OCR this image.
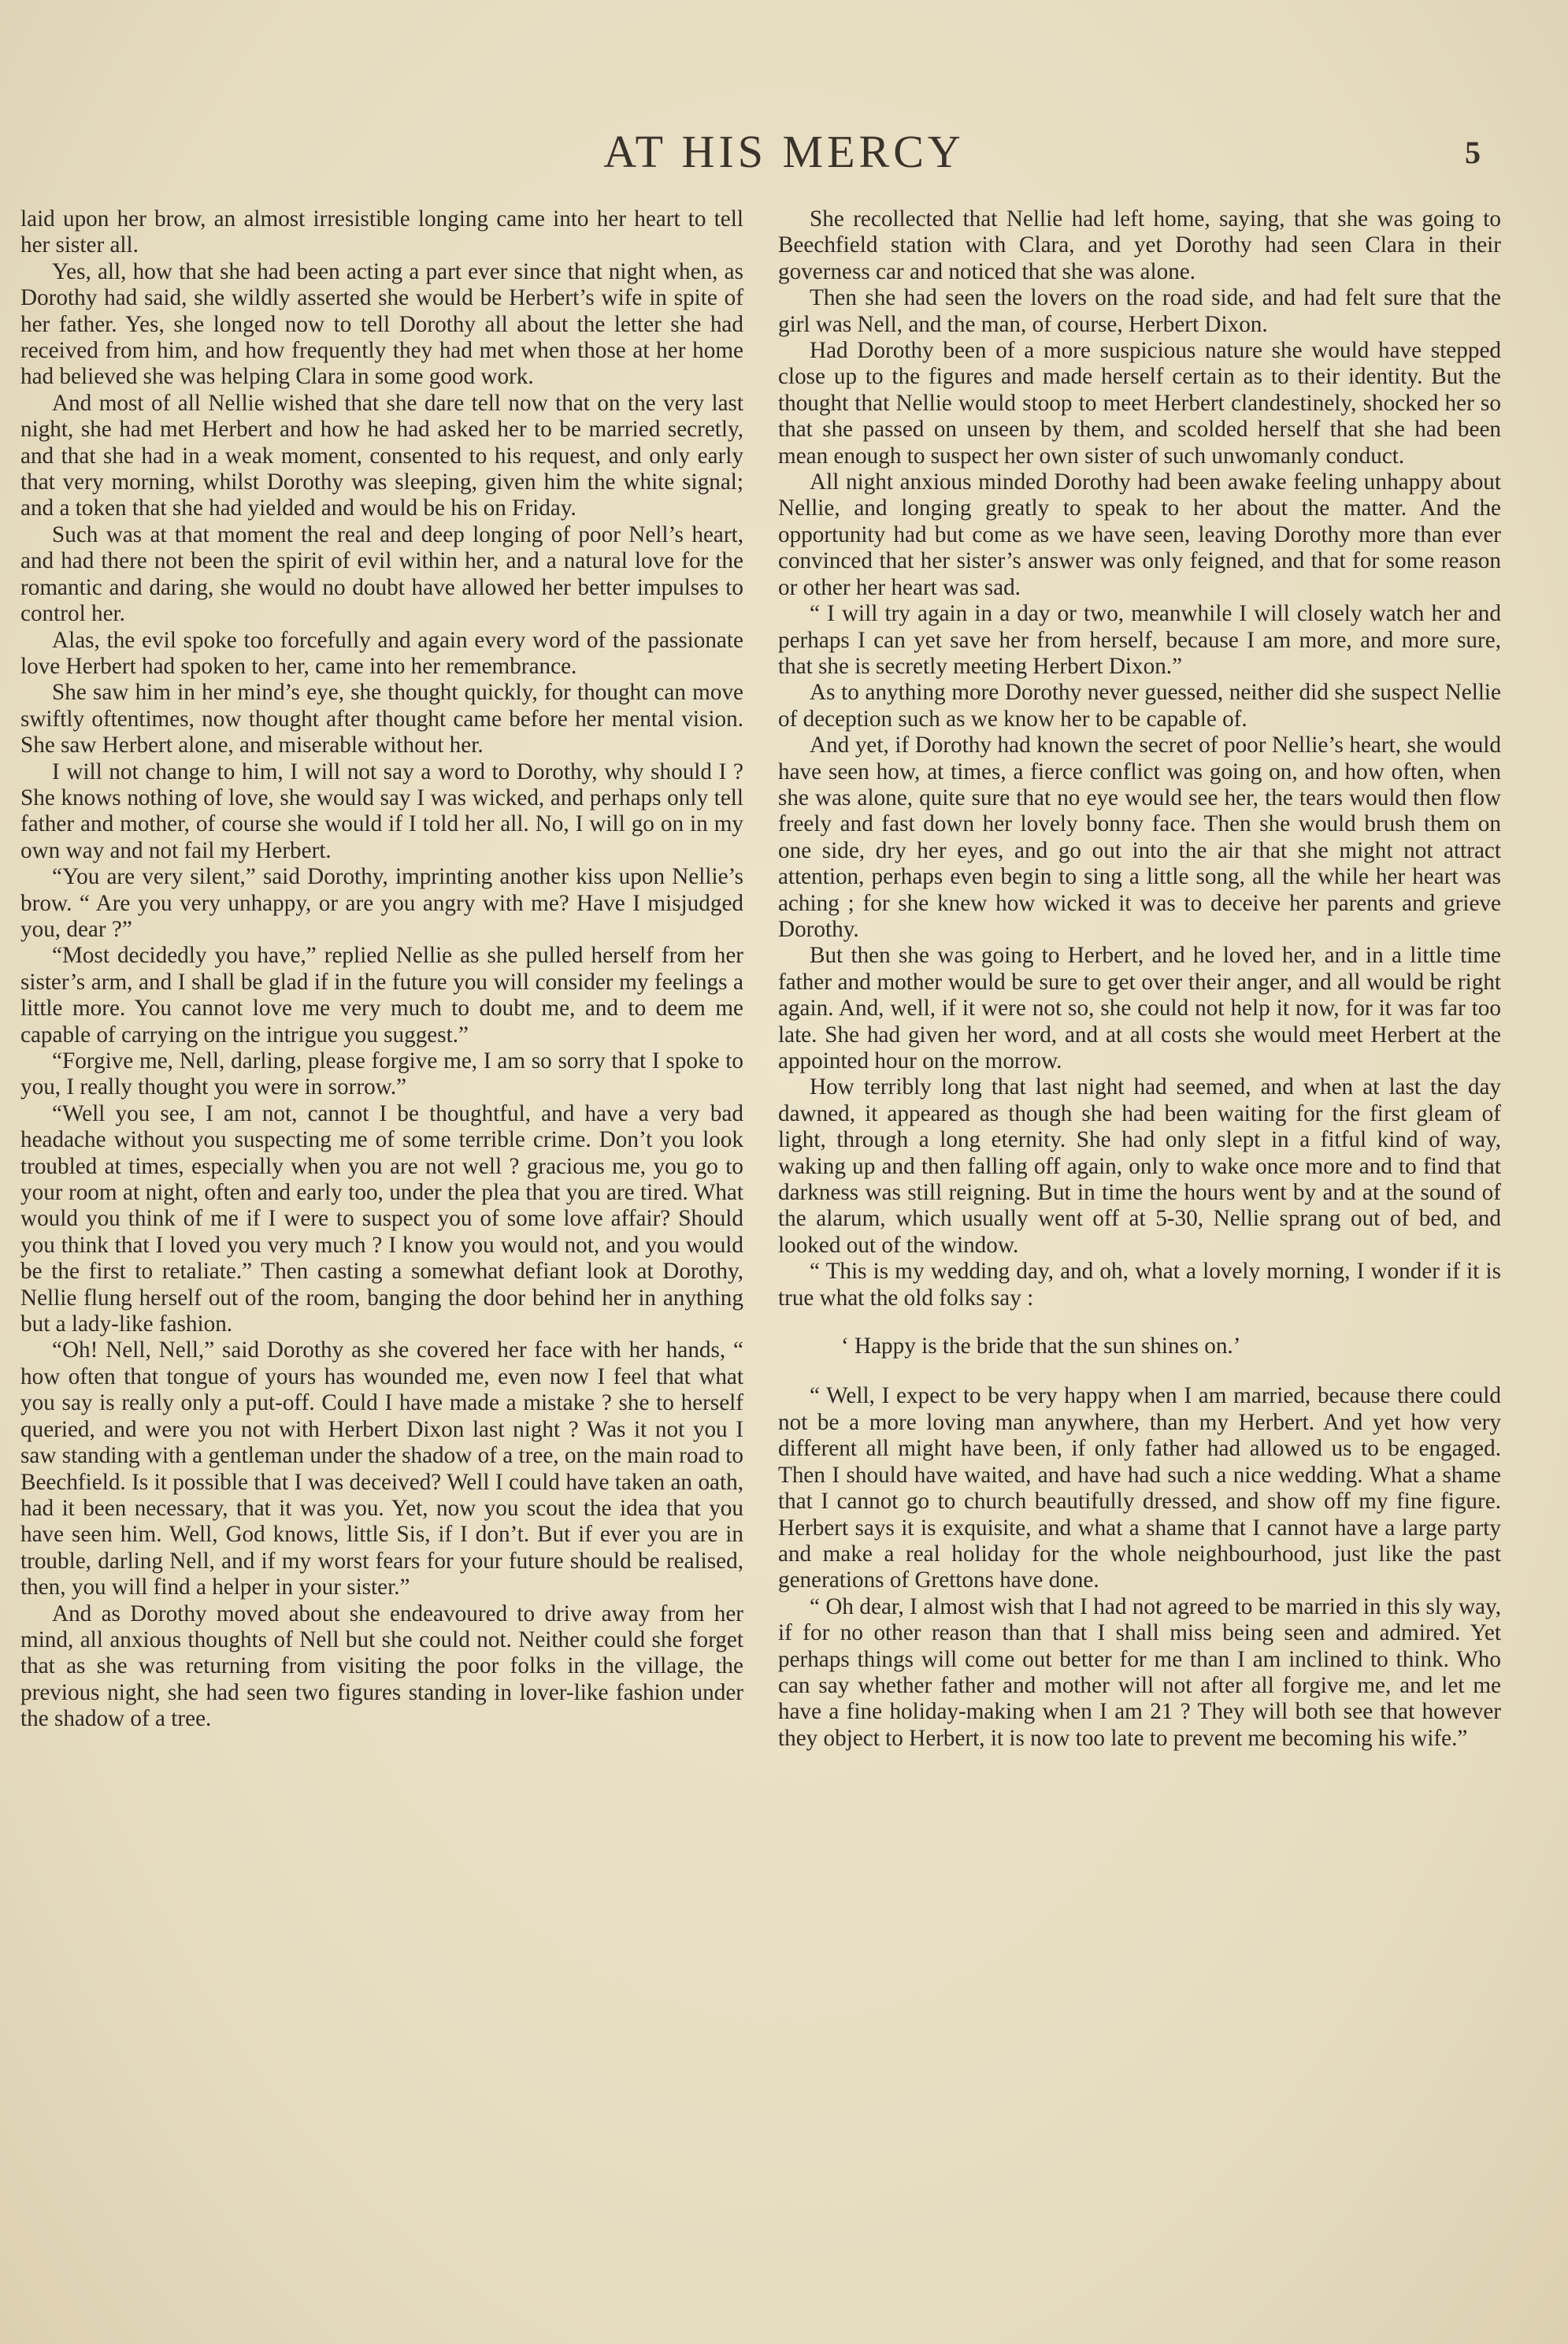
AT HIS MERCY	5

laid upon her brow, an almost irresistible longing came into her heart to tell her sister all.

Yes, all, how that she had been acting a part ever since that night when, as Dorothy had said, she wildly asserted she would be Herbert’s wife in spite of her father. Yes, she longed now to tell Dorothy all about the letter she had received from him, and how frequently they had met when those at her home had believed she was helping Clara in some good work.

And most of all Nellie wished that she dare tell now that on the very last night, she had met Herbert and how he had asked her to be married secretly, and that she had in a weak moment, consented to his request, and only early that very morning, whilst Dorothy was sleeping, given him the white signal; and a token that she had yielded and would be his on Friday.

Such was at that moment the real and deep longing of poor Nell’s heart, and had there not been the spirit of evil within her, and a natural love for the romantic and daring, she would no doubt have allowed her better impulses to control her.

Alas, the evil spoke too forcefully and again every word of the passionate love Herbert had spoken to her, came into her remembrance.

She saw him in her mind’s eye, she thought quickly, for thought can move swiftly oftentimes, now thought after thought came before her mental vision. She saw Herbert alone, and miserable without her.

I will not change to him, I will not say a word to Dorothy, why should I ? She knows nothing of love, she would say I was wicked, and perhaps only tell father and mother, of course she would if I told her all. No, I will go on in my own way and not fail my Herbert.

“You are very silent,” said Dorothy, imprinting another kiss upon Nellie’s brow. “ Are you very unhappy, or are you angry with me? Have I misjudged you, dear ?”

“Most decidedly you have,” replied Nellie as she pulled herself from her sister’s arm, and I shall be glad if in the future you will consider my feelings a little more. You cannot love me very much to doubt me, and to deem me capable of carrying on the intrigue you suggest.”

“Forgive me, Nell, darling, please forgive me, I am so sorry that I spoke to you, I really thought you were in sorrow.”

“Well you see, I am not, cannot I be thoughtful, and have a very bad headache without you suspecting me of some terrible crime. Don’t you look troubled at times, especially when you are not well ? gracious me, you go to your room at night, often and early too, under the plea that you are tired. What would you think of me if I were to suspect you of some love affair? Should you think that I loved you very much ? I know you would not, and you would be the first to retaliate.” Then casting a somewhat defiant look at Dorothy, Nellie flung herself out of the room, banging the door behind her in anything but a lady-like fashion.

“Oh! Nell, Nell,” said Dorothy as she covered her face with her hands, “ how often that tongue of yours has wounded me, even now I feel that what you say is really only a put-off. Could I have made a mistake ? she to herself queried, and were you not with Herbert Dixon last night ? Was it not you I saw standing with a gentleman under the shadow of a tree, on the main road to Beechfield. Is it possible that I was deceived? Well I could have taken an oath, had it been necessary, that it was you. Yet, now you scout the idea that you have seen him. Well, God knows, little Sis, if I don’t. But if ever you are in trouble, darling Nell, and if my worst fears for your future should be realised, then, you will find a helper in your sister.”

And as Dorothy moved about she endeavoured to drive away from her mind, all anxious thoughts of Nell but she could not. Neither could she forget that as she was returning from visiting the poor folks in the village, the previous night, she had seen two figures standing in lover-like fashion under the shadow of a tree.

She recollected that Nellie had left home, saying, that she was going to Beechfield station with Clara, and yet Dorothy had seen Clara in their governess car and noticed that she was alone.

Then she had seen the lovers on the road side, and had felt sure that the girl was Nell, and the man, of course, Herbert Dixon.

Had Dorothy been of a more suspicious nature she would have stepped close up to the figures and made herself certain as to their identity. But the thought that Nellie would stoop to meet Herbert clandestinely, shocked her so that she passed on unseen by them, and scolded herself that she had been mean enough to suspect her own sister of such unwomanly conduct.

All night anxious minded Dorothy had been awake feeling unhappy about Nellie, and longing greatly to speak to her about the matter. And the opportunity had but come as we have seen, leaving Dorothy more than ever convinced that her sister’s answer was only feigned, and that for some reason or other her heart was sad.

“ I will try again in a day or two, meanwhile I will closely watch her and perhaps I can yet save her from herself, because I am more, and more sure, that she is secretly meeting Herbert Dixon.”

As to anything more Dorothy never guessed, neither did she suspect Nellie of deception such as we know her to be capable of.

And yet, if Dorothy had known the secret of poor Nellie’s heart, she would have seen how, at times, a fierce conflict was going on, and how often, when she was alone, quite sure that no eye would see her, the tears would then flow freely and fast down her lovely bonny face. Then she would brush them on one side, dry her eyes, and go out into the air that she might not attract attention, perhaps even begin to sing a little song, all the while her heart was aching ; for she knew how wicked it was to deceive her parents and grieve Dorothy.

But then she was going to Herbert, and he loved her, and in a little time father and mother would be sure to get over their anger, and all would be right again. And, well, if it were not so, she could not help it now, for it was far too late. She had given her word, and at all costs she would meet Herbert at the appointed hour on the morrow.

How terribly long that last night had seemed, and when at last the day dawned, it appeared as though she had been waiting for the first gleam of light, through a long eternity. She had only slept in a fitful kind of way, waking up and then falling off again, only to wake once more and to find that darkness was still reigning. But in time the hours went by and at the sound of the alarum, which usually went off at 5-30, Nellie sprang out of bed, and looked out of the window.

“ This is my wedding day, and oh, what a lovely morning, I wonder if it is true what the old folks say :

‘ Happy is the bride that the sun shines on.’

“ Well, I expect to be very happy when I am married, because there could not be a more loving man anywhere, than my Herbert. And yet how very different all might have been, if only father had allowed us to be engaged. Then I should have waited, and have had such a nice wedding. What a shame that I cannot go to church beautifully dressed, and show off my fine figure. Herbert says it is exquisite, and what a shame that I cannot have a large party and make a real holiday for the whole neighbourhood, just like the past generations of Grettons have done.

“ Oh dear, I almost wish that I had not agreed to be married in this sly way, if for no other reason than that I shall miss being seen and admired. Yet perhaps things will come out better for me than I am inclined to think. Who can say whether father and mother will not after all forgive me, and let me have a fine holiday-making when I am 21 ? They will both see that however they object to Herbert, it is now too late to prevent me becoming his wife.”
